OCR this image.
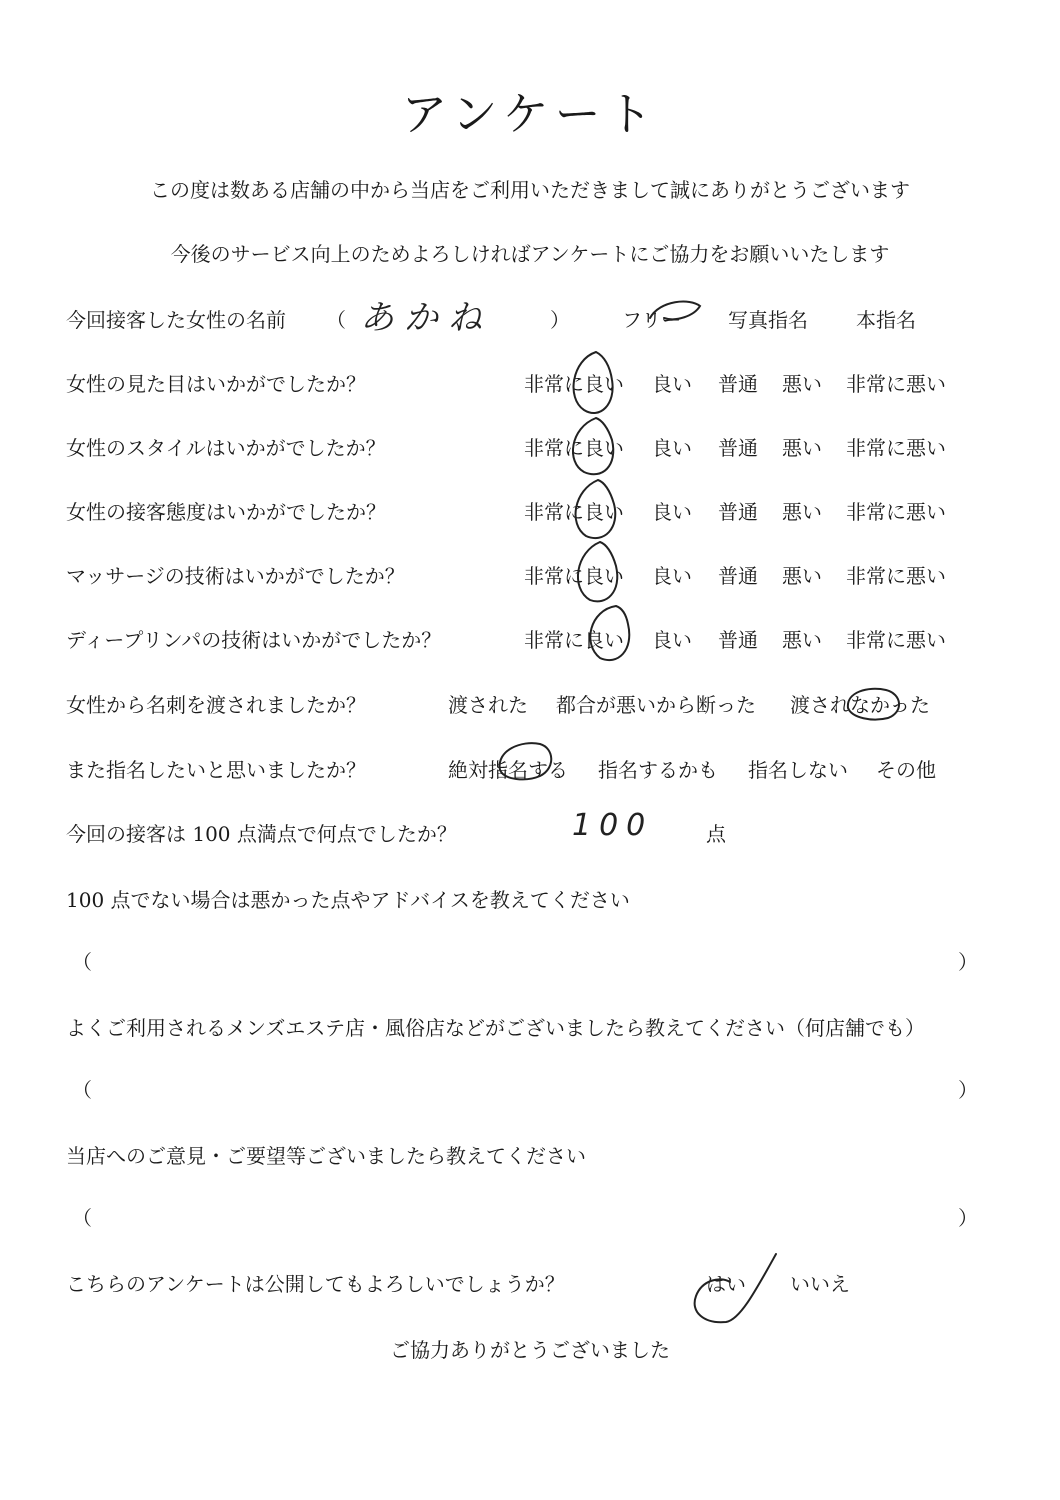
アンケート
この度は数ある店舗の中から当店をご利用いただきまして誠にありがとうございます
今後のサービス向上のためよろしければアンケートにご協力をお願いいたします
今回接客した女性の名前 （ あかね	）	フリー 写真指名 本指名
女性の見た目はいかがでしたか？	非常に良い 良い 普通 悪い 非常に悪い
女性のスタイルはいかがでしたか？	非常に良い 良い 普通 悪い 非常に悪い
女性の接客態度はいかがでしたか？	非常に良い 良い 普通 悪い 非常に悪い
マッサージの技術はいかがでしたか？	非常に良い 良い 普通 悪い 非常に悪い
ディープリンパの技術はいかがでしたか？	非常に良い 良い 普通 悪い 非常に悪い
女性から名刺を渡されましたか？	渡された 都合が悪いから断った 渡されなかった
また指名したいと思いましたか？	絶対指名する 指名するかも 指名しない その他
今回の接客は 100 点満点で何点でしたか？	100	点
100 点でない場合は悪かった点やアドバイスを教えてください
（	）
よくご利用されるメンズエステ店・風俗店などがございましたら教えてください（何店舗でも）
（	）
当店へのご意見・ご要望等ございましたら教えてください
（	）
こちらのアンケートは公開してもよろしいでしょうか？	はい いいえ
ご協力ありがとうございました
